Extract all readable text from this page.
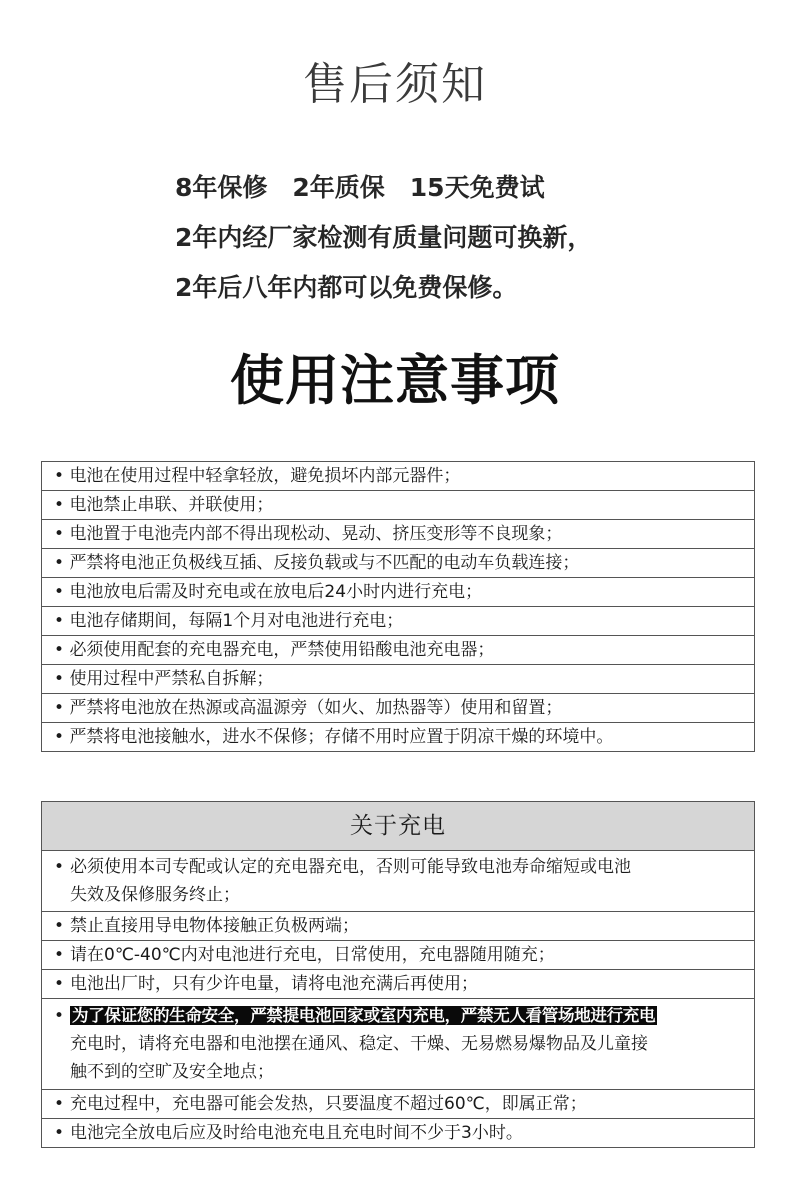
售后须知
8年保修　2年质保　15天免费试
2年内经厂家检测有质量问题可换新，
2年后八年内都可以免费保修。
使用注意事项
• 电池在使用过程中轻拿轻放，避免损坏内部元器件；
• 电池禁止串联、并联使用；
• 电池置于电池壳内部不得出现松动、晃动、挤压变形等不良现象；
• 严禁将电池正负极线互插、反接负载或与不匹配的电动车负载连接；
• 电池放电后需及时充电或在放电后24小时内进行充电；
• 电池存储期间，每隔1个月对电池进行充电；
• 必须使用配套的充电器充电，严禁使用铅酸电池充电器；
• 使用过程中严禁私自拆解；
• 严禁将电池放在热源或高温源旁（如火、加热器等）使用和留置；
• 严禁将电池接触水，进水不保修；存储不用时应置于阴凉干燥的环境中。
关于充电

• 必须使用本司专配或认定的充电器充电，否则可能导致电池寿命缩短或电池
失效及保修服务终止；

• 禁止直接用导电物体接触正负极两端；

• 请在0℃-40℃内对电池进行充电，日常使用，充电器随用随充；

• 电池出厂时，只有少许电量，请将电池充满后再使用；

• 为了保证您的生命安全，严禁提电池回家或室内充电，严禁无人看管场地进行充电
充电时，请将充电器和电池摆在通风、稳定、干燥、无易燃易爆物品及儿童接
触不到的空旷及安全地点；

• 充电过程中，充电器可能会发热，只要温度不超过60℃，即属正常；

• 电池完全放电后应及时给电池充电且充电时间不少于3小时。
